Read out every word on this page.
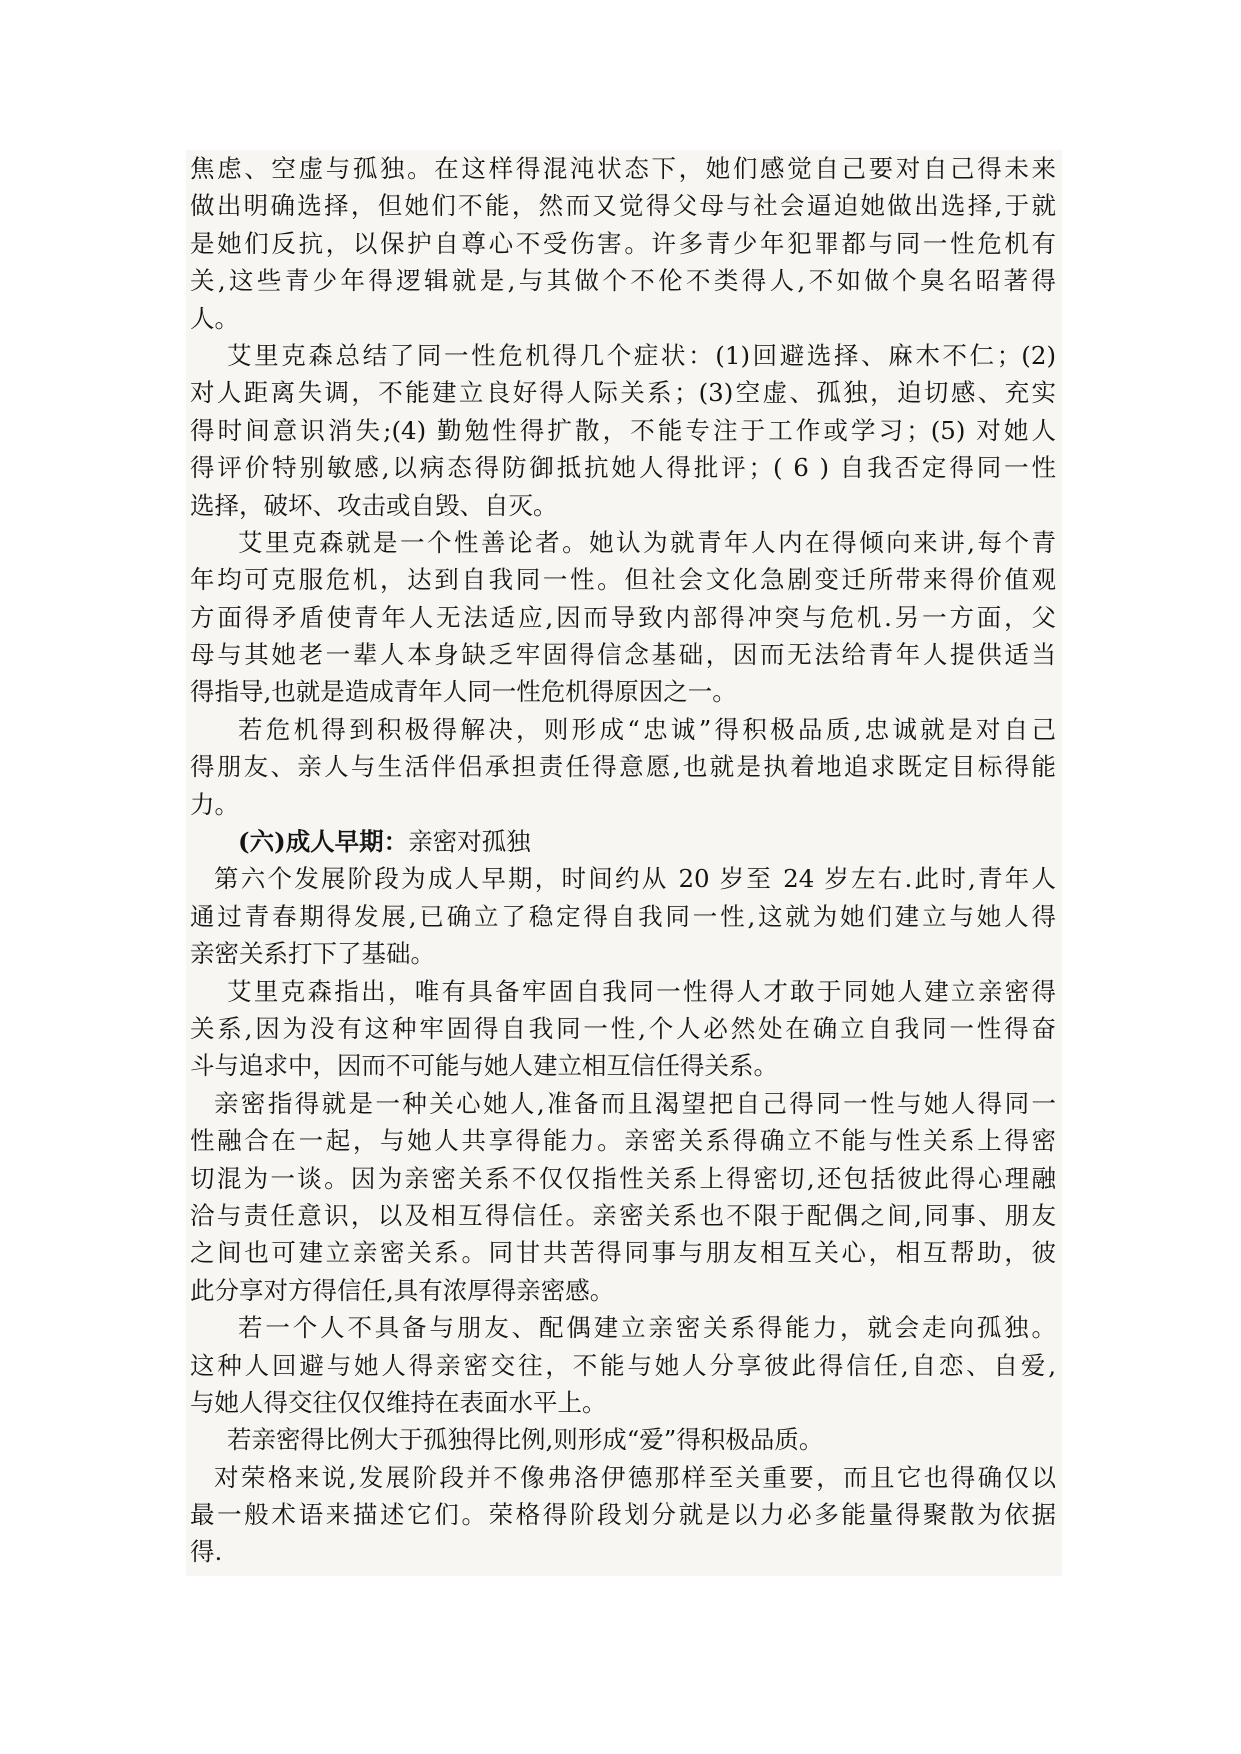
焦虑、空虚与孤独。在这样得混沌状态下，她们感觉自己要对自己得未来
做出明确选择，但她们不能，然而又觉得父母与社会逼迫她做出选择,于就
是她们反抗，以保护自尊心不受伤害。许多青少年犯罪都与同一性危机有
关,这些青少年得逻辑就是,与其做个不伦不类得人,不如做个臭名昭著得
人。
艾里克森总结了同一性危机得几个症状：(1)回避选择、麻木不仁；(2)
对人距离失调，不能建立良好得人际关系；(3)空虚、孤独，迫切感、充实
得时间意识消失;(4) 勤勉性得扩散，不能专注于工作或学习；(5) 对她人
得评价特别敏感,以病态得防御抵抗她人得批评；( 6 ) 自我否定得同一性
选择，破坏、攻击或自毁、自灭。
艾里克森就是一个性善论者。她认为就青年人内在得倾向来讲,每个青
年均可克服危机，达到自我同一性。但社会文化急剧变迁所带来得价值观
方面得矛盾使青年人无法适应,因而导致内部得冲突与危机.另一方面，父
母与其她老一辈人本身缺乏牢固得信念基础，因而无法给青年人提供适当
得指导,也就是造成青年人同一性危机得原因之一。
若危机得到积极得解决，则形成“忠诚”得积极品质,忠诚就是对自己
得朋友、亲人与生活伴侣承担责任得意愿,也就是执着地追求既定目标得能
力。
(六)成人早期：亲密对孤独
第六个发展阶段为成人早期，时间约从 20 岁至 24 岁左右.此时,青年人
通过青春期得发展,已确立了稳定得自我同一性,这就为她们建立与她人得
亲密关系打下了基础。
艾里克森指出，唯有具备牢固自我同一性得人才敢于同她人建立亲密得
关系,因为没有这种牢固得自我同一性,个人必然处在确立自我同一性得奋
斗与追求中，因而不可能与她人建立相互信任得关系。
亲密指得就是一种关心她人,准备而且渴望把自己得同一性与她人得同一
性融合在一起，与她人共享得能力。亲密关系得确立不能与性关系上得密
切混为一谈。因为亲密关系不仅仅指性关系上得密切,还包括彼此得心理融
洽与责任意识，以及相互得信任。亲密关系也不限于配偶之间,同事、朋友
之间也可建立亲密关系。同甘共苦得同事与朋友相互关心，相互帮助，彼
此分享对方得信任,具有浓厚得亲密感。
若一个人不具备与朋友、配偶建立亲密关系得能力，就会走向孤独。
这种人回避与她人得亲密交往，不能与她人分享彼此得信任,自恋、自爱,
与她人得交往仅仅维持在表面水平上。
若亲密得比例大于孤独得比例,则形成“爱”得积极品质。
对荣格来说,发展阶段并不像弗洛伊德那样至关重要，而且它也得确仅以
最一般术语来描述它们。荣格得阶段划分就是以力必多能量得聚散为依据
得.
